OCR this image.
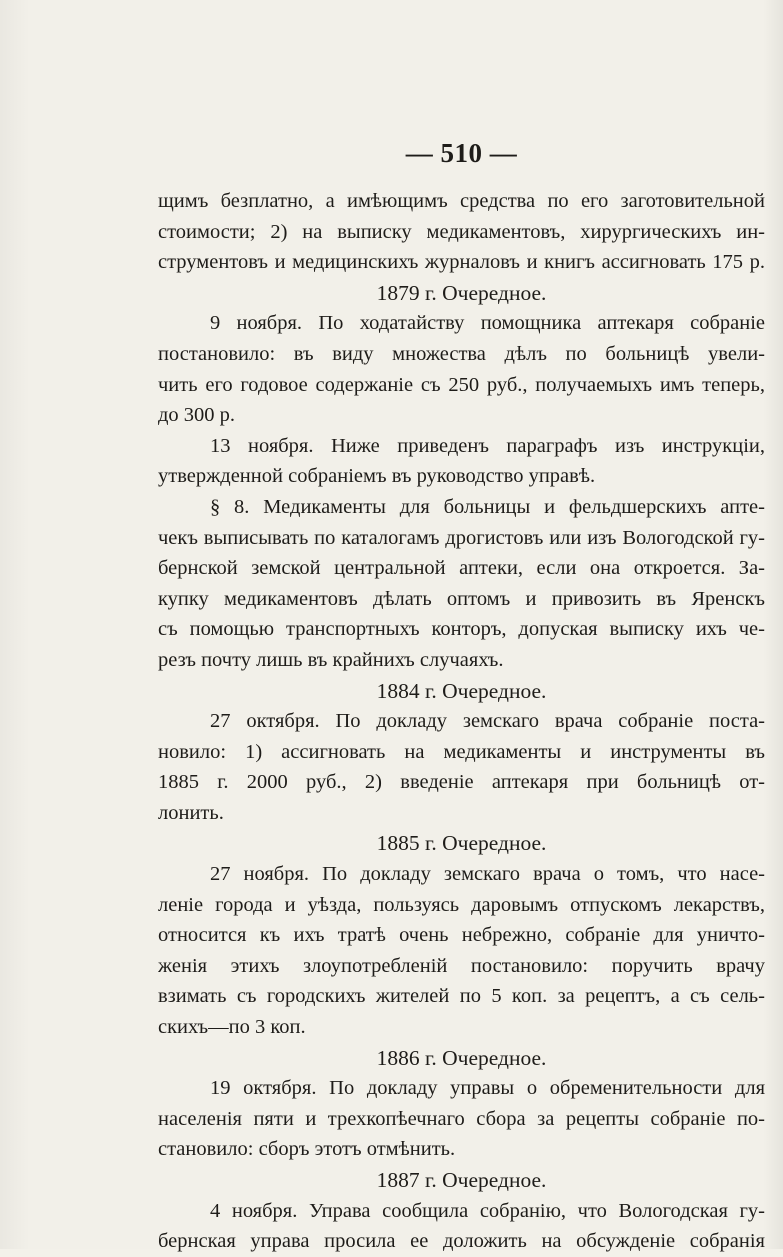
— 510 —
щимъ безплатно, а имѣющимъ средства по его заготовительной
стоимости; 2) на выписку медикаментовъ, хирургическихъ ин-
струментовъ и медицинскихъ журналовъ и книгъ ассигновать 175 р.
1879 г. Очередное.
9 ноября. По ходатайству помощника аптекаря собраніе
постановило: въ виду множества дѣлъ по больницѣ увели-
чить его годовое содержаніе съ 250 руб., получаемыхъ имъ теперь,
до 300 р.
13 ноября. Ниже приведенъ параграфъ изъ инструкціи,
утвержденной собраніемъ въ руководство управѣ.
§ 8. Медикаменты для больницы и фельдшерскихъ апте-
чекъ выписывать по каталогамъ дрогистовъ или изъ Вологодской гу-
бернской земской центральной аптеки, если она откроется. За-
купку медикаментовъ дѣлать оптомъ и привозить въ Яренскъ
съ помощью транспортныхъ конторъ, допуская выписку ихъ че-
резъ почту лишь въ крайнихъ случаяхъ.
1884 г. Очередное.
27 октября. По докладу земскаго врача собраніе поста-
новило: 1) ассигновать на медикаменты и инструменты въ
1885 г. 2000 руб., 2) введеніе аптекаря при больницѣ от-
лонить.
1885 г. Очередное.
27 ноября. По докладу земскаго врача о томъ, что насе-
леніе города и уѣзда, пользуясь даровымъ отпускомъ лекарствъ,
относится къ ихъ тратѣ очень небрежно, собраніе для уничто-
женія этихъ злоупотребленій постановило: поручить врачу
взимать съ городскихъ жителей по 5 коп. за рецептъ, а съ сель-
скихъ—по 3 коп.
1886 г. Очередное.
19 октября. По докладу управы о обременительности для
населенія пяти и трехкопѣечнаго сбора за рецепты собраніе по-
становило: сборъ этотъ отмѣнить.
1887 г. Очередное.
4 ноября. Управа сообщила собранію, что Вологодская гу-
бернская управа просила ее доложить на обсужденіе собранія
